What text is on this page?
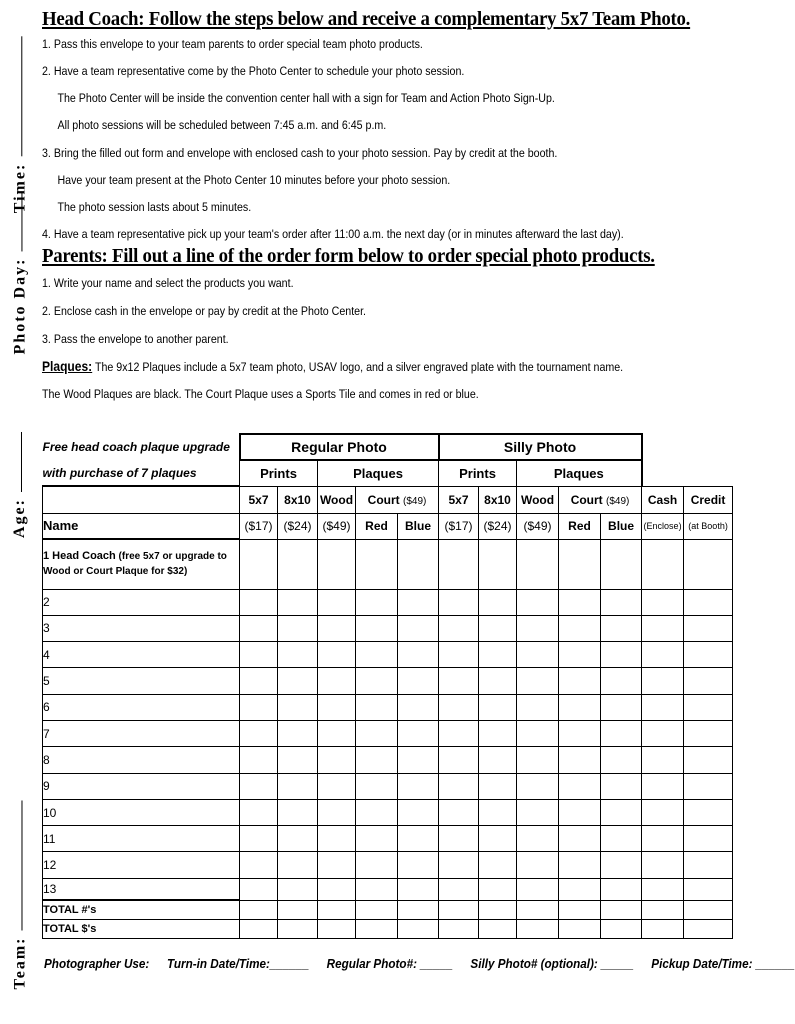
Time:
Photo Day:
Age:
Team:
Head Coach: Follow the steps below and receive a complementary 5x7 Team Photo.
1. Pass this envelope to your team parents to order special team photo products.
2. Have a team representative come by the Photo Center to schedule your photo session.
The Photo Center will be inside the convention center hall with a sign for Team and Action Photo Sign-Up.
All photo sessions will be scheduled between 7:45 a.m. and 6:45 p.m.
3. Bring the filled out form and envelope with enclosed cash to your photo session. Pay by credit at the booth.
Have your team present at the Photo Center 10 minutes before your photo session.
The photo session lasts about 5 minutes.
4. Have a team representative pick up your team's order after 11:00 a.m. the next day (or in minutes afterward the last day).
Parents: Fill out a line of the order form below to order special photo products.
1. Write your name and select the products you want.
2. Enclose cash in the envelope or pay by credit at the Photo Center.
3. Pass the envelope to another parent.
Plaques: The 9x12 Plaques include a 5x7 team photo, USAV logo, and a silver engraved plate with the tournament name.
The Wood Plaques are black. The Court Plaque uses a Sports Tile and comes in red or blue.
Free head coach plaque upgrade	Regular Photo					Silly Photo						
with purchase of 7 plaques	Prints		Plaques			Prints		Plaques				
	5x7	8x10	Wood	Court ($49)		5x7	8x10	Wood	Court ($49)		Cash	Credit
Name	($17)	($24)	($49)	Red	Blue	($17)	($24)	($49)	Red	Blue	(Enclose)	(at Booth)
1 Head Coach (free 5x7 or upgrade to
Wood or Court Plaque for $32)												
2												
3												
4												
5												
6												
7												
8												
9												
10												
11												
12												
13												
TOTAL #'s												
TOTAL $'s												
Photographer Use: Turn-in Date/Time:______ Regular Photo#: _____ Silly Photo# (optional): _____ Pickup Date/Time: ______
